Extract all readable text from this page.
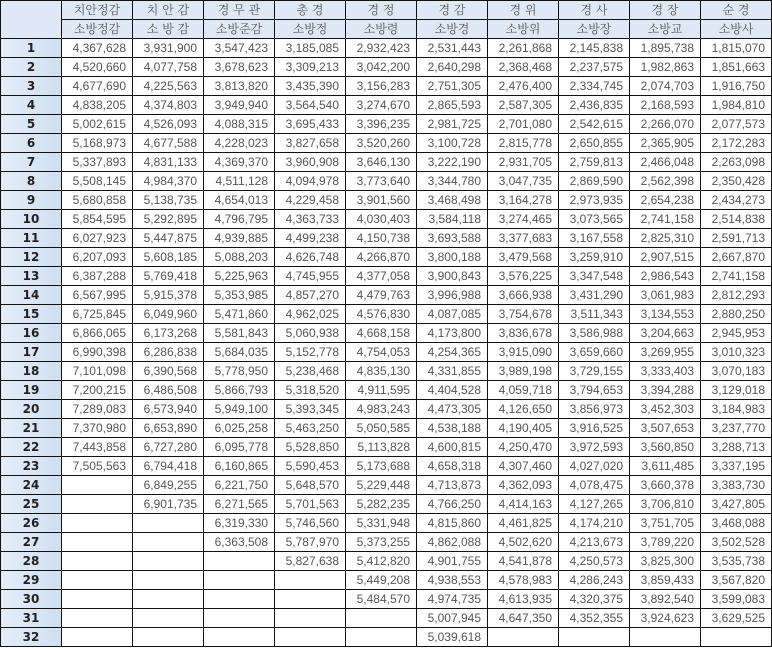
	치안정감	치 안 감	경 무 관	총 경	경 정	경 감	경 위	경 사	경 장	순 경
	소방정감	소 방 감	소방준감	소방정	소방령	소방경	소방위	소방장	소방교	소방사
1	4,367,628	3,931,900	3,547,423	3,185,085	2,932,423	2,531,443	2,261,868	2,145,838	1,895,738	1,815,070
2	4,520,660	4,077,758	3,678,623	3,309,213	3,042,200	2,640,298	2,368,468	2,237,575	1,982,863	1,851,663
3	4,677,690	4,225,563	3,813,820	3,435,390	3,156,283	2,751,305	2,476,400	2,334,745	2,074,703	1,916,750
4	4,838,205	4,374,803	3,949,940	3,564,540	3,274,670	2,865,593	2,587,305	2,436,835	2,168,593	1,984,810
5	5,002,615	4,526,093	4,088,315	3,695,433	3,396,235	2,981,725	2,701,080	2,542,615	2,266,070	2,077,573
6	5,168,973	4,677,588	4,228,023	3,827,658	3,520,260	3,100,728	2,815,778	2,650,855	2,365,905	2,172,283
7	5,337,893	4,831,133	4,369,370	3,960,908	3,646,130	3,222,190	2,931,705	2,759,813	2,466,048	2,263,098
8	5,508,145	4,984,370	4,511,128	4,094,978	3,773,640	3,344,780	3,047,735	2,869,590	2,562,398	2,350,428
9	5,680,858	5,138,735	4,654,013	4,229,458	3,901,560	3,468,498	3,164,278	2,973,935	2,654,238	2,434,273
10	5,854,595	5,292,895	4,796,795	4,363,733	4,030,403	3,584,118	3,274,465	3,073,565	2,741,158	2,514,838
11	6,027,923	5,447,875	4,939,885	4,499,238	4,150,738	3,693,588	3,377,683	3,167,558	2,825,310	2,591,713
12	6,207,093	5,608,185	5,088,203	4,626,748	4,266,870	3,800,188	3,479,568	3,259,910	2,907,515	2,667,870
13	6,387,288	5,769,418	5,225,963	4,745,955	4,377,058	3,900,843	3,576,225	3,347,548	2,986,543	2,741,158
14	6,567,995	5,915,378	5,353,985	4,857,270	4,479,763	3,996,988	3,666,938	3,431,290	3,061,983	2,812,293
15	6,725,845	6,049,960	5,471,860	4,962,025	4,576,830	4,087,085	3,754,678	3,511,343	3,134,553	2,880,250
16	6,866,065	6,173,268	5,581,843	5,060,938	4,668,158	4,173,800	3,836,678	3,586,988	3,204,663	2,945,953
17	6,990,398	6,286,838	5,684,035	5,152,778	4,754,053	4,254,365	3,915,090	3,659,660	3,269,955	3,010,323
18	7,101,098	6,390,568	5,778,950	5,238,468	4,835,130	4,331,855	3,989,198	3,729,155	3,333,403	3,070,183
19	7,200,215	6,486,508	5,866,793	5,318,520	4,911,595	4,404,528	4,059,718	3,794,653	3,394,288	3,129,018
20	7,289,083	6,573,940	5,949,100	5,393,345	4,983,243	4,473,305	4,126,650	3,856,973	3,452,303	3,184,983
21	7,370,980	6,653,890	6,025,258	5,463,250	5,050,585	4,538,188	4,190,405	3,916,525	3,507,653	3,237,770
22	7,443,858	6,727,280	6,095,778	5,528,850	5,113,828	4,600,815	4,250,470	3,972,593	3,560,850	3,288,713
23	7,505,563	6,794,418	6,160,865	5,590,453	5,173,688	4,658,318	4,307,460	4,027,020	3,611,485	3,337,195
24		6,849,255	6,221,750	5,648,570	5,229,448	4,713,873	4,362,093	4,078,475	3,660,378	3,383,730
25		6,901,735	6,271,565	5,701,563	5,282,235	4,766,250	4,414,163	4,127,265	3,706,810	3,427,805
26			6,319,330	5,746,560	5,331,948	4,815,860	4,461,825	4,174,210	3,751,705	3,468,088
27			6,363,508	5,787,970	5,373,255	4,862,088	4,502,620	4,213,673	3,789,220	3,502,528
28				5,827,638	5,412,820	4,901,755	4,541,878	4,250,573	3,825,300	3,535,738
29					5,449,208	4,938,553	4,578,983	4,286,243	3,859,433	3,567,820
30					5,484,570	4,974,735	4,613,935	4,320,375	3,892,540	3,599,083
31						5,007,945	4,647,350	4,352,355	3,924,623	3,629,525
32						5,039,618				
